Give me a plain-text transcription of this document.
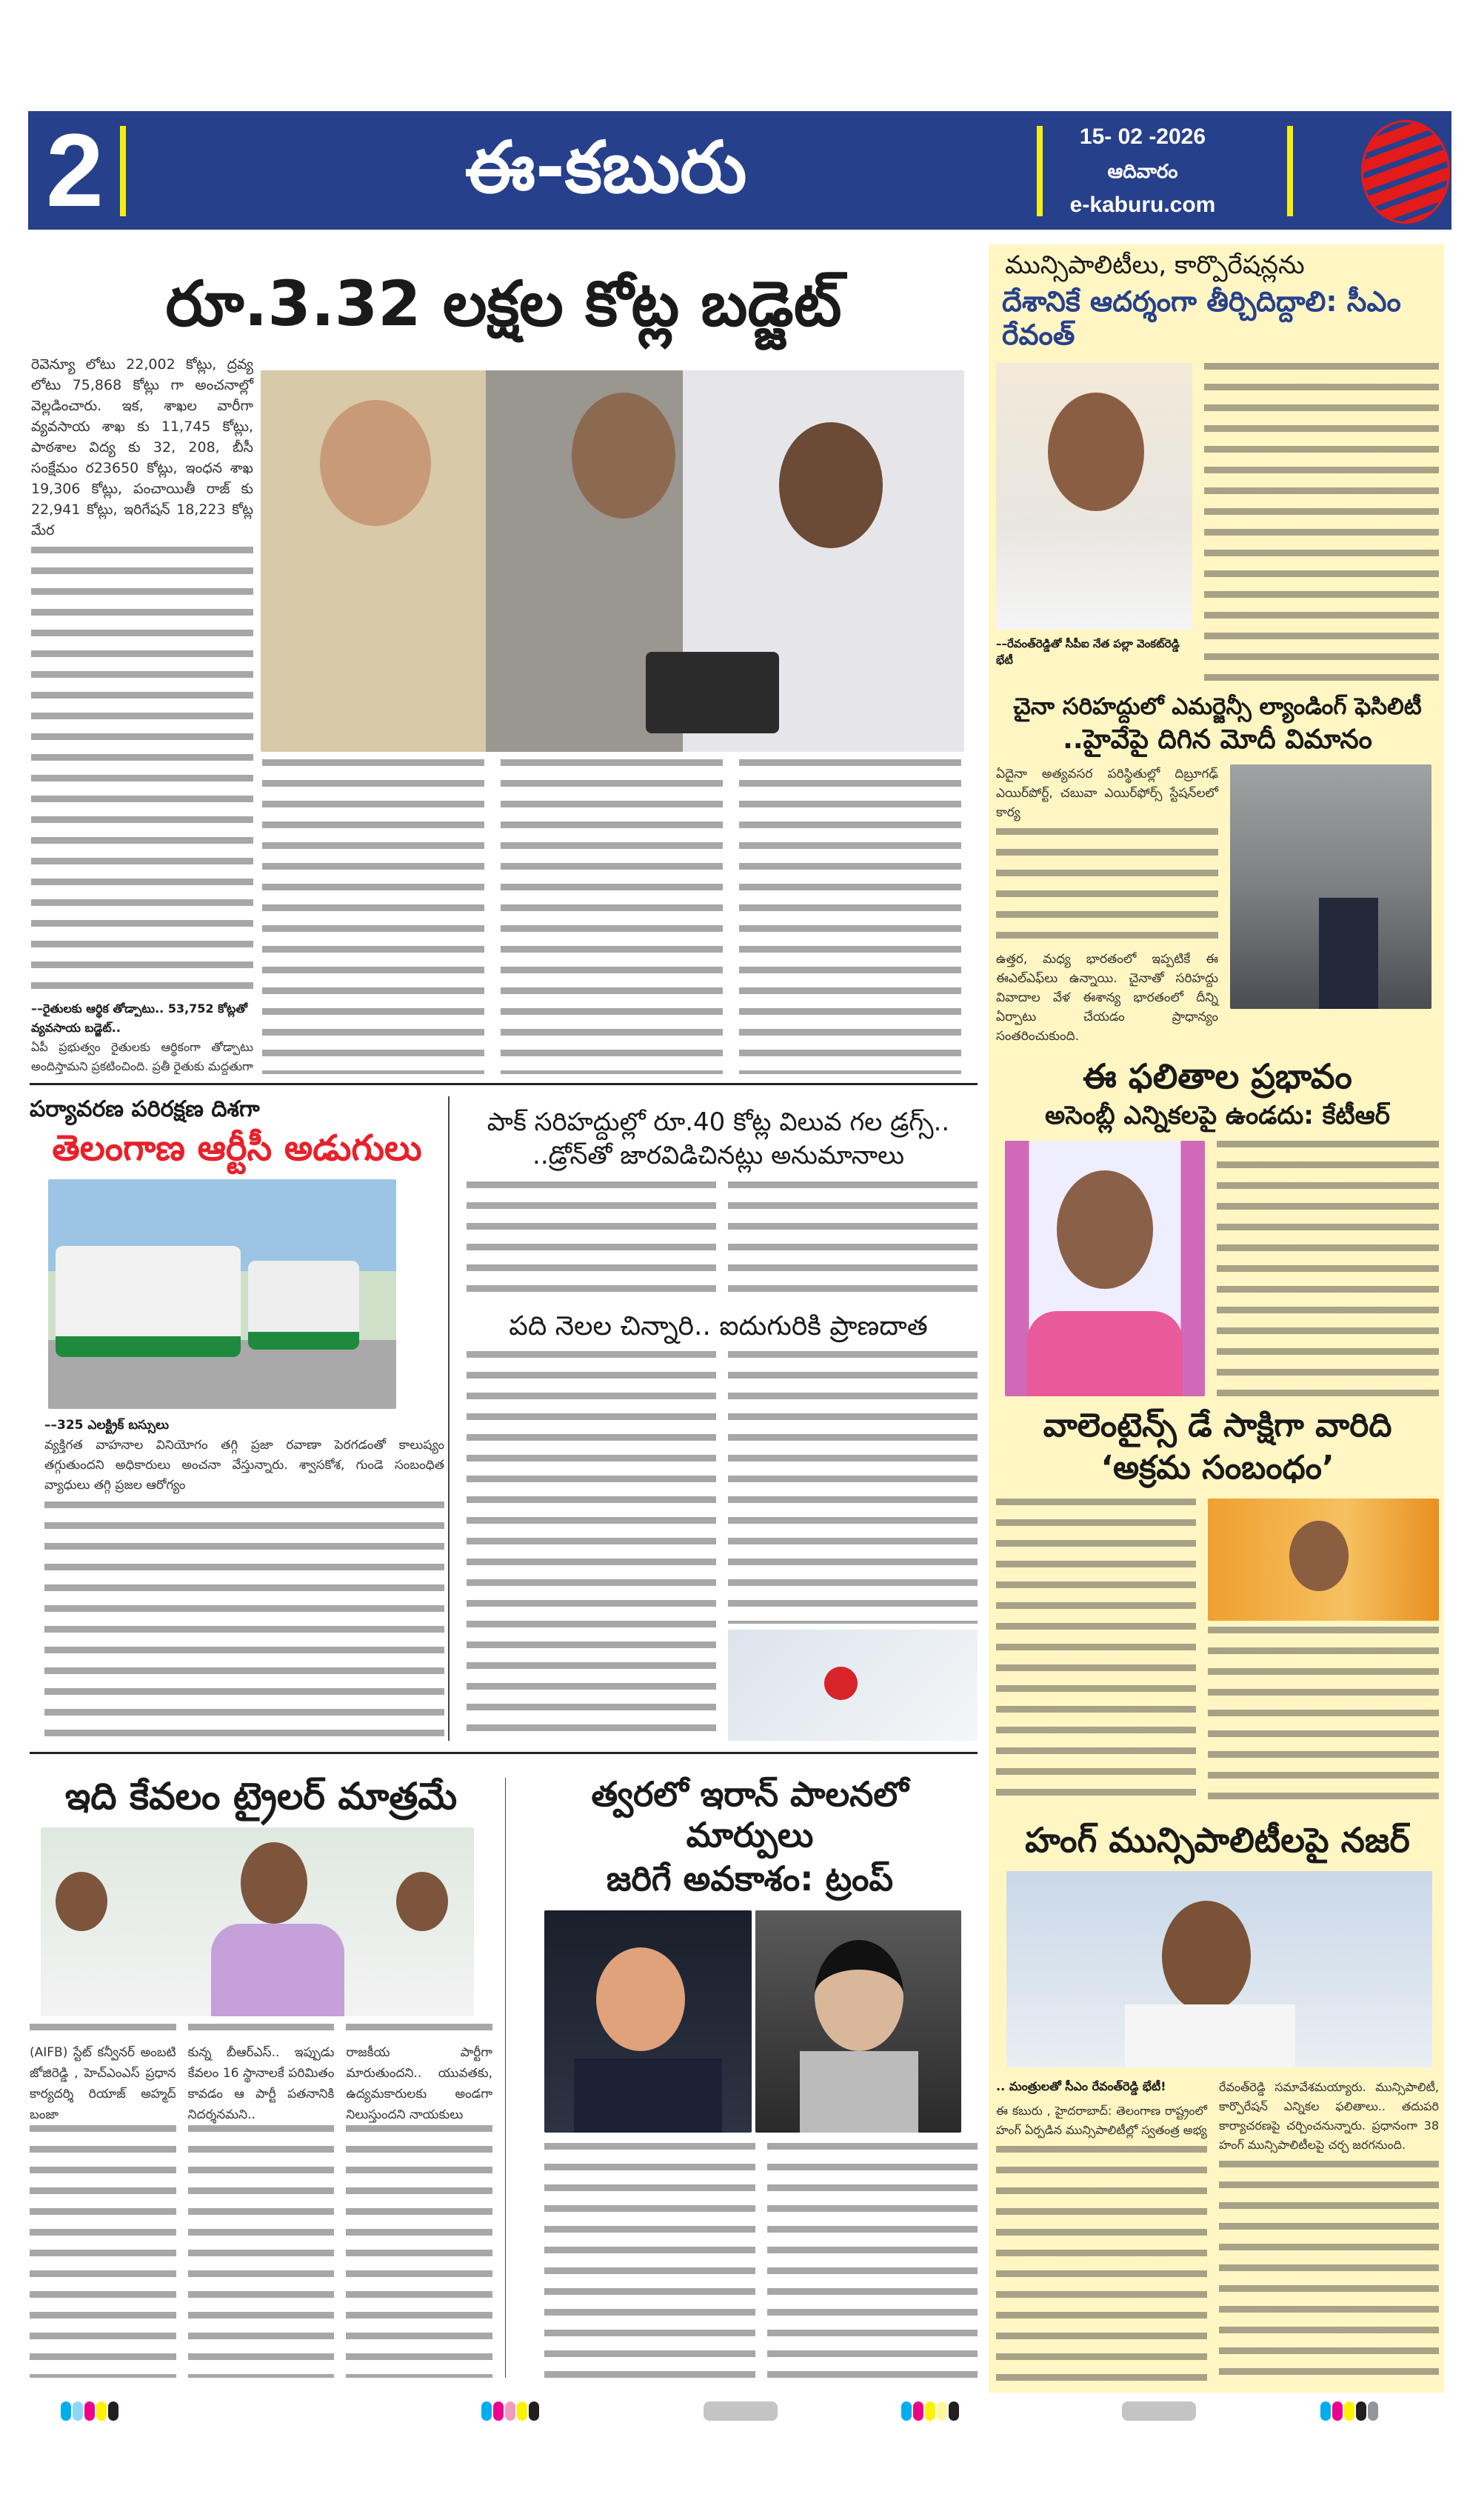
2	ఈ-కబురు	15- 02 -2026
ఆదివారం
e-kaburu.com
రూ.3.32 లక్షల కోట్ల బడ్జెట్
రెవెన్యూ లోటు 22,002 కోట్లు, ద్రవ్య లోటు 75,868 కోట్లు గా అంచనాల్లో వెల్లడించారు. ఇక, శాఖల వారీగా వ్యవసాయ శాఖ కు 11,745 కోట్లు, పాఠశాల విద్య కు 32, 208, బీసీ సంక్షేమం ర23650 కోట్లు, ఇంధన శాఖ 19,306 కోట్లు, పంచాయితీ రాజ్ కు 22,941 కోట్లు, ఇరిగేషన్ 18,223 కోట్ల మేర
––రైతులకు ఆర్థిక తోడ్పాటు.. 53,752 కోట్లతో వ్యవసాయ బడ్జెట్..
ఏపీ ప్రభుత్వం రైతులకు ఆర్థికంగా తోడ్పాటు అందిస్తామని ప్రకటించింది. ప్రతీ రైతుకు మద్దతుగా
మున్సిపాలిటీలు, కార్పొరేషన్లను
దేశానికే ఆదర్శంగా తీర్చిదిద్దాలి: సీఎం రేవంత్
––రేవంత్‌రెడ్డితో సీపీఐ నేత పల్లా వెంకట్‌రెడ్డి భేటీ
చైనా సరిహద్దులో ఎమర్జెన్సీ ల్యాండింగ్ ఫెసిలిటీ
..హైవేపై దిగిన మోదీ విమానం
ఏదైనా అత్యవసర పరిస్థితుల్లో దిబ్రూగఢ్ ఎయిర్‌పోర్ట్, చబువా ఎయిర్‌ఫోర్స్ స్టేషన్‌లలో కార్య
ఉత్తర, మధ్య భారతంలో ఇప్పటికే ఈ ఈఎల్ఎఫ్‌లు ఉన్నాయి. చైనాతో సరిహద్దు వివాదాల వేళ ఈశాన్య భారతంలో దీన్ని ఏర్పాటు చేయడం ప్రాధాన్యం సంతరించుకుంది.
ఈ ఫలితాల ప్రభావం
అసెంబ్లీ ఎన్నికలపై ఉండదు: కేటీఆర్
వాలెంటైన్స్ డే సాక్షిగా వారిది
‘అక్రమ సంబంధం’
హంగ్ మున్సిపాలిటీలపై నజర్
.. మంత్రులతో సీఎం రేవంత్‌రెడ్డి భేటీ!
ఈ కబురు , హైదరాబాద్: తెలంగాణ రాష్ట్రంలో హంగ్ ఏర్పడిన మున్సిపాలిటీల్లో స్వతంత్ర అభ్య
రేవంత్‌రెడ్డి సమావేశమయ్యారు. మున్సిపాలిటీ, కార్పొరేషన్ ఎన్నికల ఫలితాలు.. తదుపరి కార్యాచరణపై చర్చించనున్నారు. ప్రధానంగా 38 హంగ్ మున్సిపాలిటీలపై చర్చ జరగనుంది.
పర్యావరణ పరిరక్షణ దిశగా
తెలంగాణ ఆర్టీసీ అడుగులు
––325 ఎలక్ట్రిక్ బస్సులు
వ్యక్తిగత వాహనాల వినియోగం తగ్గి ప్రజా రవాణా పెరగడంతో కాలుష్యం తగ్గుతుందని అధికారులు అంచనా వేస్తున్నారు. శ్వాసకోశ, గుండె సంబంధిత వ్యాధులు తగ్గి ప్రజల ఆరోగ్యం
పాక్ సరిహద్దుల్లో రూ.40 కోట్ల విలువ గల డ్రగ్స్..
..డ్రోన్‌తో జారవిడిచినట్లు అనుమానాలు
పది నెలల చిన్నారి.. ఐదుగురికి ప్రాణదాత
ఇది కేవలం ట్రైలర్ మాత్రమే
(AIFB) స్టేట్ కన్వీనర్ అంబటి జోజిరెడ్డి , హెచ్ఎంఎస్ ప్రధాన కార్యదర్శి రియాజ్ అహ్మద్ బంజా
కున్న బీఆర్ఎస్.. ఇప్పుడు కేవలం 16 స్థానాలకే పరిమితం కావడం ఆ పార్టీ పతనానికి నిదర్శనమని..
రాజకీయ పార్టీగా మారుతుందని.. యువతకు, ఉద్యమకారులకు అండగా నిలుస్తుందని నాయకులు
త్వరలో ఇరాన్ పాలనలో మార్పులు
జరిగే అవకాశం: ట్రంప్
